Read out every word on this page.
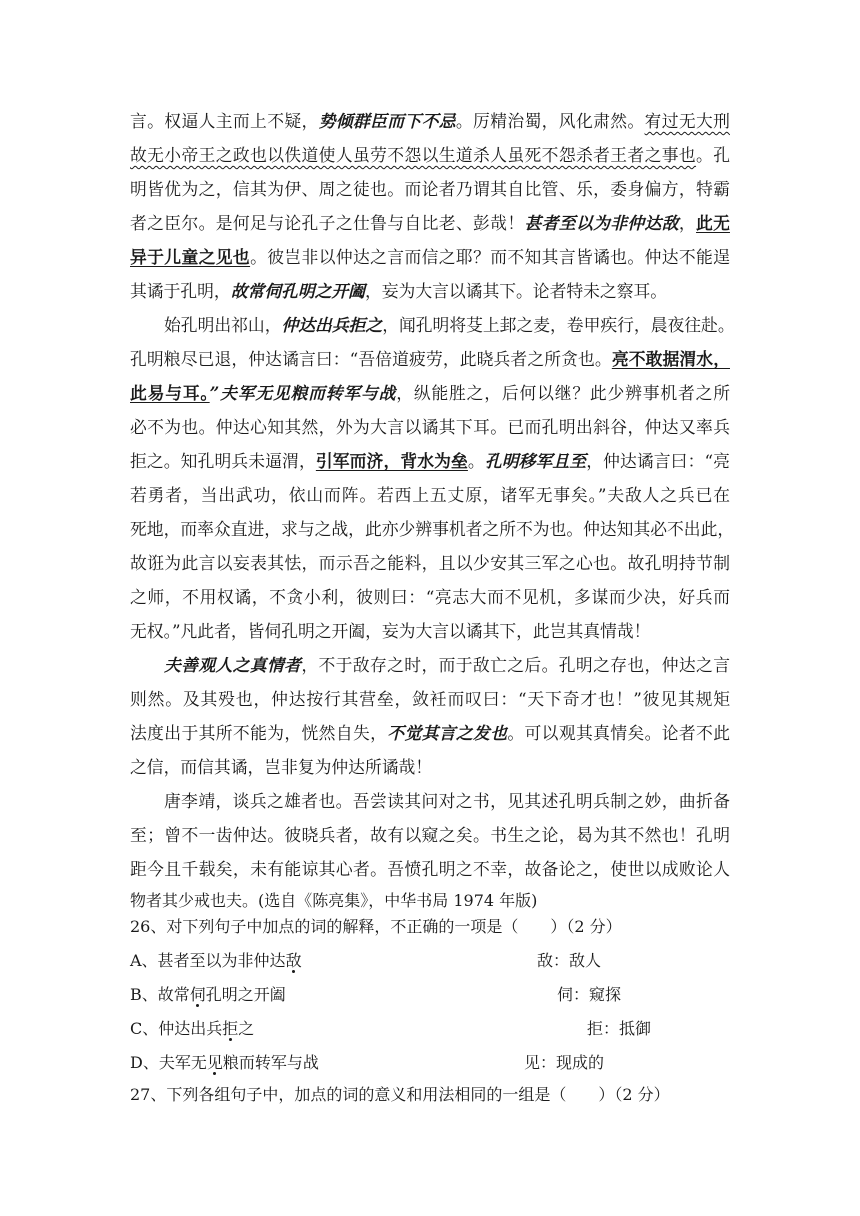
言。权逼人主而上不疑，势倾群臣而下不忌。厉精治蜀，风化肃然。宥过无大刑
故无小帝王之政也以佚道使人虽劳不怨以生道杀人虽死不怨杀者王者之事也。孔
明皆优为之，信其为伊、周之徒也。而论者乃谓其自比管、乐，委身偏方，特霸
者之臣尔。是何足与论孔子之仕鲁与自比老、彭哉！甚者至以为非仲达敌，此无
异于儿童之见也。彼岂非以仲达之言而信之耶？而不知其言皆谲也。仲达不能逞
其谲于孔明，故常伺孔明之开阖，妄为大言以谲其下。论者特未之察耳。
始孔明出祁山，仲达出兵拒之，闻孔明将芟上邽之麦，卷甲疾行，晨夜往赴。
孔明粮尽已退，仲达谲言曰：“吾倍道疲劳，此晓兵者之所贪也。亮不敢据渭水，
此易与耳。”夫军无见粮而转军与战，纵能胜之，后何以继？此少辨事机者之所
必不为也。仲达心知其然，外为大言以谲其下耳。已而孔明出斜谷，仲达又率兵
拒之。知孔明兵未逼渭，引军而济，背水为垒。孔明移军且至，仲达谲言曰：“亮
若勇者，当出武功，依山而阵。若西上五丈原，诸军无事矣。”夫敌人之兵已在
死地，而率众直进，求与之战，此亦少辨事机者之所不为也。仲达知其必不出此，
故诳为此言以妄表其怯，而示吾之能料，且以少安其三军之心也。故孔明持节制
之师，不用权谲，不贪小利，彼则曰：“亮志大而不见机，多谋而少决，好兵而
无权。”凡此者，皆伺孔明之开阖，妄为大言以谲其下，此岂其真情哉！
夫善观人之真情者，不于敌存之时，而于敌亡之后。孔明之存也，仲达之言
则然。及其殁也，仲达按行其营垒，敛衽而叹曰：“天下奇才也！”彼见其规矩
法度出于其所不能为，恍然自失，不觉其言之发也。可以观其真情矣。论者不此
之信，而信其谲，岂非复为仲达所谲哉！
唐李靖，谈兵之雄者也。吾尝读其问对之书，见其述孔明兵制之妙，曲折备
至；曾不一齿仲达。彼晓兵者，故有以窥之矣。书生之论，曷为其不然也！孔明
距今且千载矣，未有能谅其心者。吾愤孔明之不幸，故备论之，使世以成败论人
物者其少戒也夫。(选自《陈亮集》，中华书局 1974 年版)
26、对下列句子中加点的词的解释，不正确的一项是（　　）（2 分）
A、甚者至以为非仲达敌	敌：敌人
B、故常伺孔明之开阖	伺：窥探
C、仲达出兵拒之	拒：抵御
D、夫军无见粮而转军与战	见：现成的
27、下列各组句子中，加点的词的意义和用法相同的一组是（　　）（2 分）
